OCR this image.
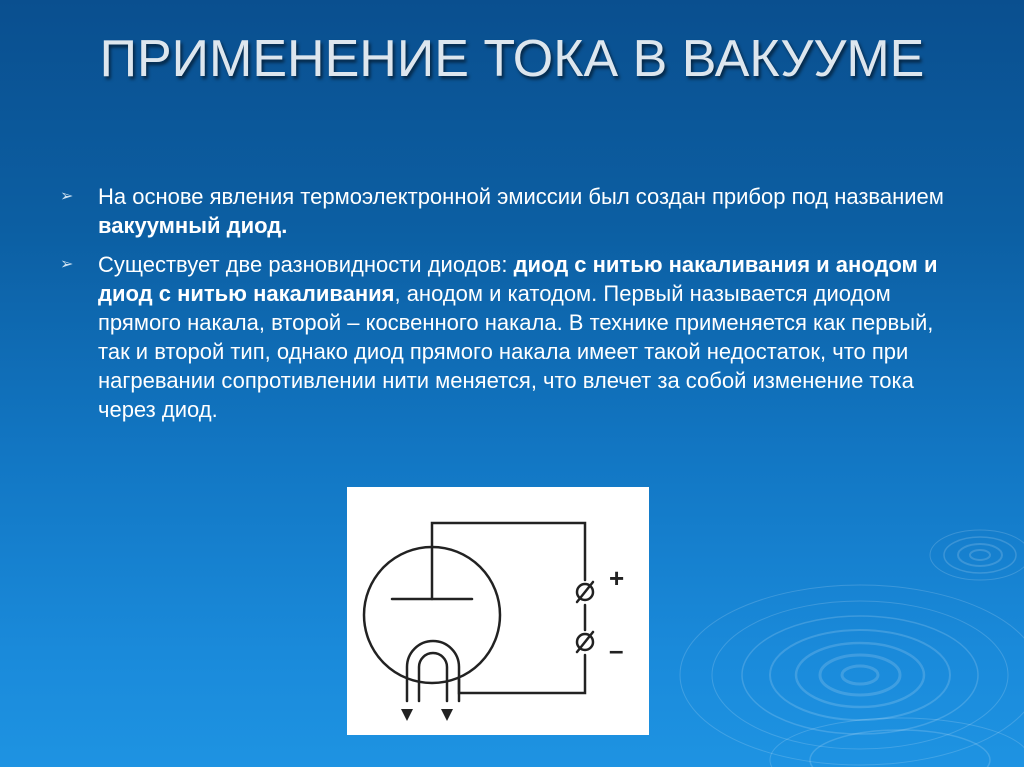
ПРИМЕНЕНИЕ ТОКА В ВАКУУМЕ
➢ На основе явления термоэлектронной эмиссии был создан прибор под названием вакуумный диод.
➢ Существует две разновидности диодов: диод с нитью накаливания и анодом и диод с нитью накаливания, анодом и катодом. Первый называется диодом прямого накала, второй – косвенного накала. В технике применяется как первый, так и второй тип, однако диод прямого накала имеет такой недостаток, что при нагревании сопротивлении нити меняется, что влечет за собой изменение тока через диод.
+
–
